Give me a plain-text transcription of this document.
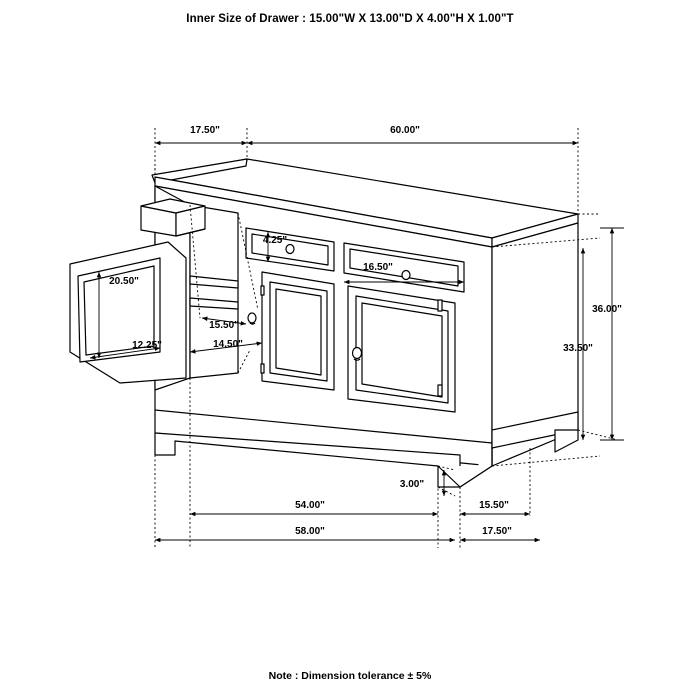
Inner Size of Drawer : 15.00"W X 13.00"D X 4.00"H X 1.00"T
17.50"	60.00"
4.25"
16.50"
20.50"
12.25"
15.50"
14.50"
36.00"
33.50"
3.00"
15.50"
54.00"
58.00"	17.50"
Note : Dimension tolerance ± 5%
